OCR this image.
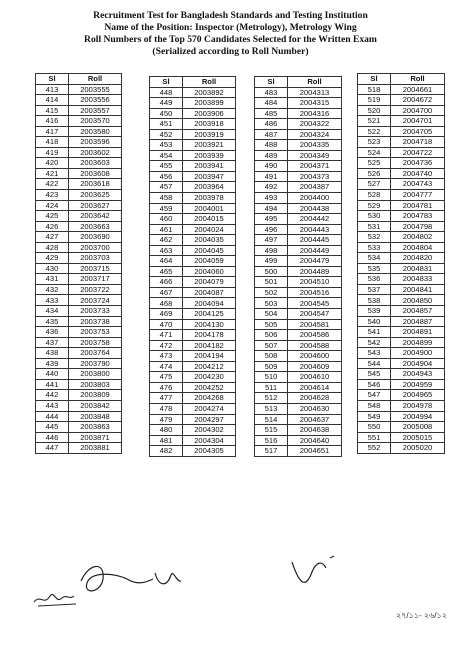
Recruitment Test for Bangladesh Standards and Testing Institution
Name of the Position: Inspector (Metrology), Metrology Wing
Roll Numbers of the Top 570 Candidates Selected for the Written Exam
(Serialized according to Roll Number)
Sl	Roll
413	2003555
414	2003556
415	2003557
416	2003570
417	2003580
418	2003596
419	2003602
420	2003603
421	2003608
422	2003618
423	2003625
424	2003627
425	2003642
426	2003663
427	2003690
428	2003700
429	2003703
430	2003715
431	2003717
432	2003722
433	2003724
434	2003733
435	2003738
436	2003753
437	2003758
438	2003764
439	2003790
440	2003800
441	2003803
442	2003809
443	2003842
444	2003848
445	2003863
446	2003871
447	2003881
Sl	Roll
448	2003892
449	2003899
450	2003906
451	2003918
452	2003919
453	2003921
454	2003939
455	2003941
456	2003947
457	2003964
458	2003978
459	2004001
460	2004015
461	2004024
462	2004035
463	2004045
464	2004059
465	2004060
466	2004079
467	2004087
468	2004094
469	2004125
470	2004130
471	2004178
472	2004182
473	2004194
474	2004212
475	2004230
476	2004252
477	2004268
478	2004274
479	2004297
480	2004302
481	2004304
482	2004305
Sl	Roll
483	2004313
484	2004315
485	2004316
486	2004322
487	2004324
488	2004335
489	2004349
490	2004371
491	2004373
492	2004387
493	2004400
494	2004438
495	2004442
496	2004443
497	2004445
498	2004449
499	2004479
500	2004489
501	2004510
502	2004516
503	2004545
504	2004547
505	2004581
506	2004586
507	2004588
508	2004600
509	2004609
510	2004610
511	2004614
512	2004628
513	2004630
514	2004637
515	2004638
516	2004640
517	2004651
Sl	Roll
518	2004661
519	2004672
520	2004700
521	2004701
522	2004705
523	2004718
524	2004722
525	2004736
526	2004740
527	2004743
528	2004777
529	2004781
530	2004783
531	2004798
532	2004802
533	2004804
534	2004820
535	2004831
536	2004833
537	2004841
538	2004850
539	2004857
540	2004887
541	2004891
542	2004899
543	2004900
544	2004904
545	2004943
546	2004959
547	2004965
548	2004978
549	2004994
550	2005008
551	2005015
552	2005020
২৭/১১- ২৬/১২
